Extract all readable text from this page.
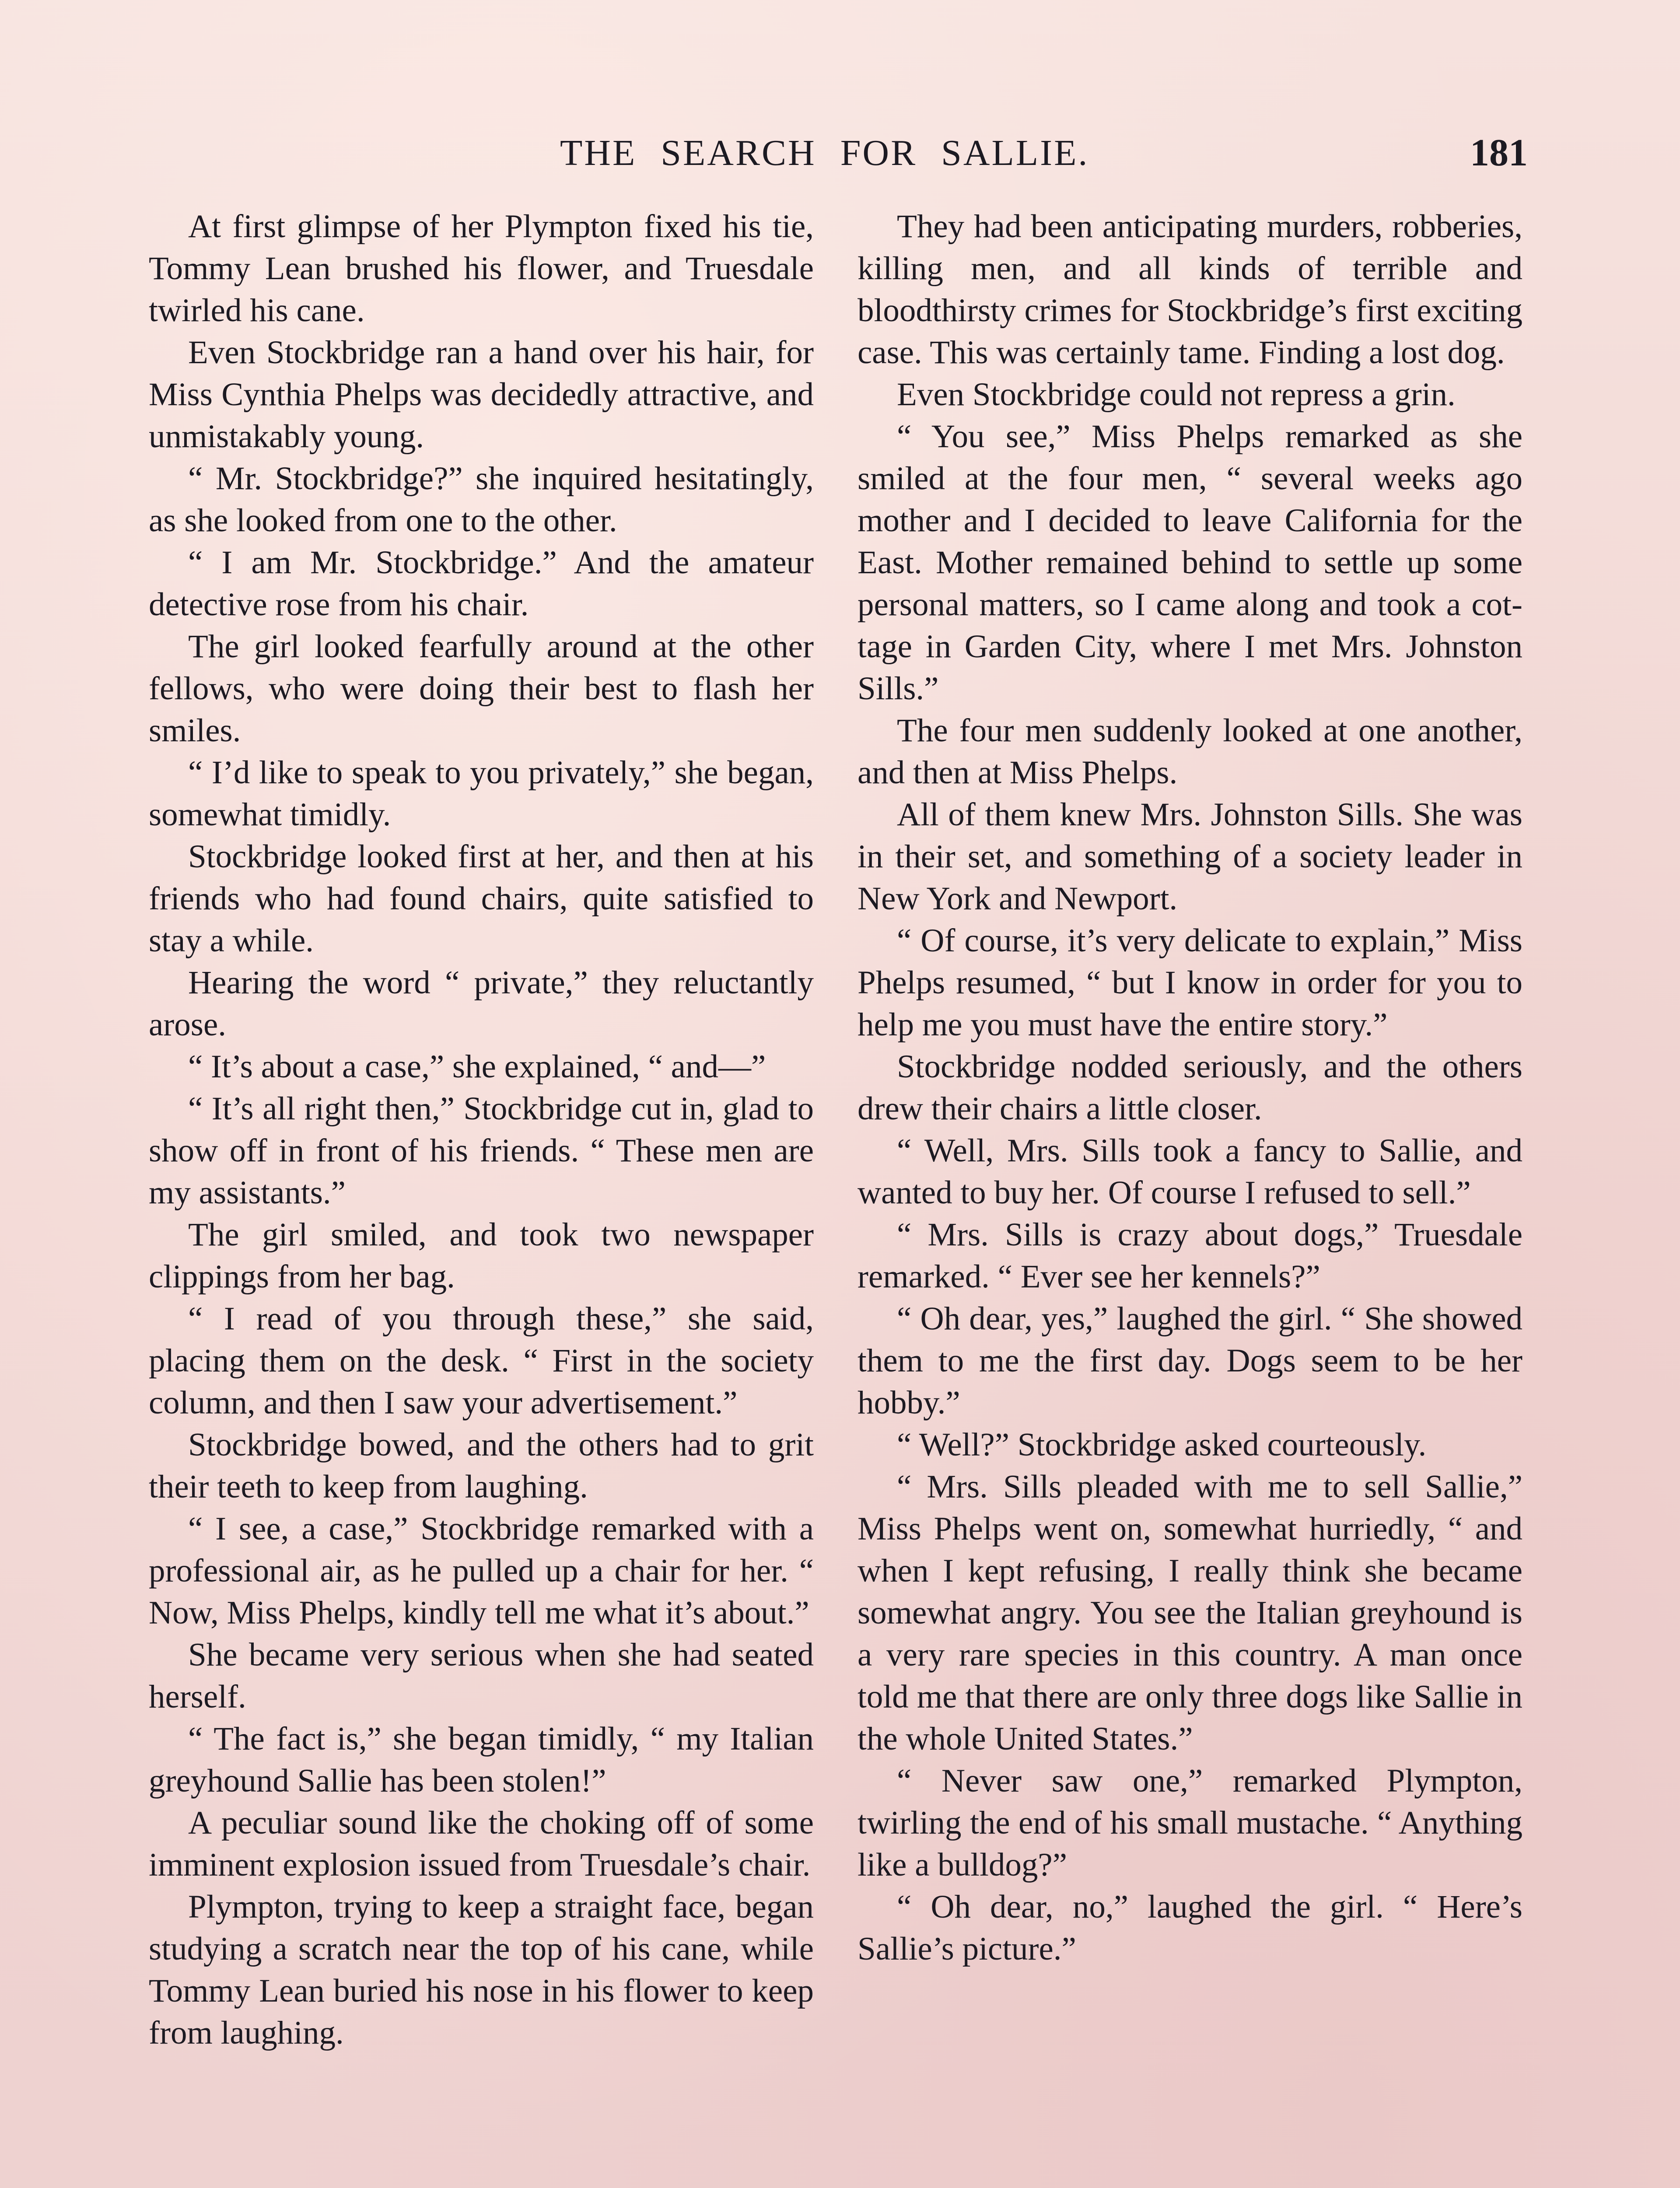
THE SEARCH FOR SALLIE.	181

At first glimpse of her Plympton fixed his tie, Tommy Lean brushed his flower, and Truesdale twirled his cane.

Even Stockbridge ran a hand over his hair, for Miss Cynthia Phelps was decidedly attractive, and unmistakably young.

“ Mr. Stockbridge?” she inquired hesitatingly, as she looked from one to the other.

“ I am Mr. Stockbridge.” And the amateur detective rose from his chair.

The girl looked fearfully around at the other fellows, who were doing their best to flash her smiles.

“ I’d like to speak to you privately,” she began, somewhat timidly.

Stockbridge looked first at her, and then at his friends who had found chairs, quite satisfied to stay a while.

Hearing the word “ private,” they reluctantly arose.

“ It’s about a case,” she explained, “ and—”

“ It’s all right then,” Stockbridge cut in, glad to show off in front of his friends. “ These men are my assistants.”

The girl smiled, and took two newspaper clippings from her bag.

“ I read of you through these,” she said, placing them on the desk. “ First in the society column, and then I saw your advertisement.”

Stockbridge bowed, and the others had to grit their teeth to keep from laughing.

“ I see, a case,” Stockbridge remarked with a professional air, as he pulled up a chair for her. “ Now, Miss Phelps, kindly tell me what it’s about.”

She became very serious when she had seated herself.

“ The fact is,” she began timidly, “ my Italian greyhound Sallie has been stolen!”

A peculiar sound like the choking off of some imminent explosion issued from Truesdale’s chair.

Plympton, trying to keep a straight face, began studying a scratch near the top of his cane, while Tommy Lean buried his nose in his flower to keep from laughing.

They had been anticipating murders, robberies, killing men, and all kinds of terrible and bloodthirsty crimes for Stockbridge’s first exciting case. This was certainly tame. Finding a lost dog.

Even Stockbridge could not repress a grin.

“ You see,” Miss Phelps remarked as she smiled at the four men, “ several weeks ago mother and I decided to leave California for the East. Mother remained behind to settle up some personal matters, so I came along and took a cottage in Garden City, where I met Mrs. Johnston Sills.”

The four men suddenly looked at one another, and then at Miss Phelps.

All of them knew Mrs. Johnston Sills. She was in their set, and something of a society leader in New York and Newport.

“ Of course, it’s very delicate to explain,” Miss Phelps resumed, “ but I know in order for you to help me you must have the entire story.”

Stockbridge nodded seriously, and the others drew their chairs a little closer.

“ Well, Mrs. Sills took a fancy to Sallie, and wanted to buy her. Of course I refused to sell.”

“ Mrs. Sills is crazy about dogs,” Truesdale remarked. “ Ever see her kennels?”

“ Oh dear, yes,” laughed the girl. “ She showed them to me the first day. Dogs seem to be her hobby.”

“ Well?” Stockbridge asked courteously.

“ Mrs. Sills pleaded with me to sell Sallie,” Miss Phelps went on, somewhat hurriedly, “ and when I kept refusing, I really think she became somewhat angry. You see the Italian greyhound is a very rare species in this country. A man once told me that there are only three dogs like Sallie in the whole United States.”

“ Never saw one,” remarked Plympton, twirling the end of his small mustache. “ Anything like a bulldog?”

“ Oh dear, no,” laughed the girl. “ Here’s Sallie’s picture.”
